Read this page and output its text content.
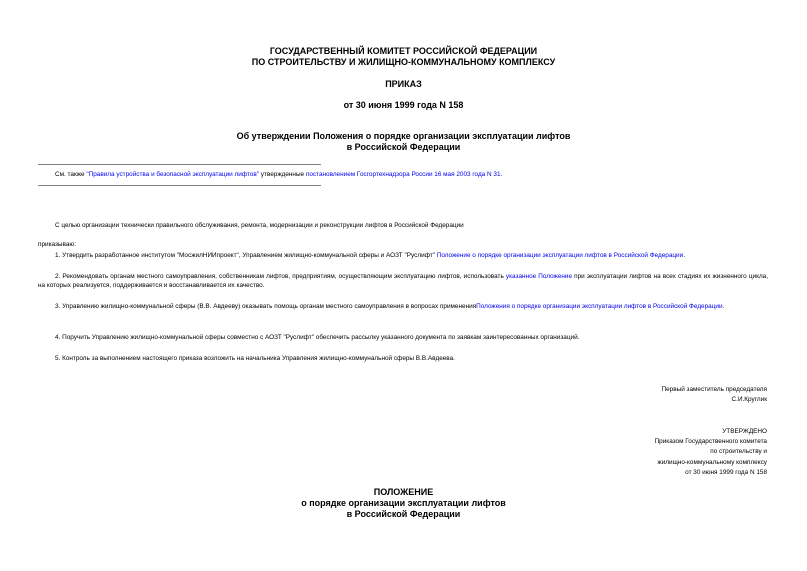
ГОСУДАРСТВЕННЫЙ КОМИТЕТ РОССИЙСКОЙ ФЕДЕРАЦИИ
ПО СТРОИТЕЛЬСТВУ И ЖИЛИЩНО-КОММУНАЛЬНОМУ КОМПЛЕКСУ
ПРИКАЗ
от 30 июня 1999 года N 158
Об утверждении Положения о порядке организации эксплуатации лифтов
в Российской Федерации
См. также "Правила устройства и безопасной эксплуатации лифтов" утвержденные постановлением Госгортехнадзора России 16 мая 2003 года N 31.
С целью организации технически правильного обслуживания, ремонта, модернизации и реконструкции лифтов в Российской Федерации
приказываю:
1. Утвердить разработанное институтом "МосжилНИИпроект", Управлением жилищно-коммунальной сферы и АОЗТ "Руслифт" Положение о порядке организации эксплуатации лифтов в Российской Федерации.
2. Рекомендовать органам местного самоуправления, собственникам лифтов, предприятиям, осуществляющим эксплуатацию лифтов, использовать указанное Положение при эксплуатации лифтов на всех стадиях их жизненного цикла, на которых реализуется, поддерживается и восстанавливается их качество.
3. Управлению жилищно-коммунальной сферы (В.В. Авдееву) оказывать помощь органам местного самоуправления в вопросах примененияПоложения о порядке организации эксплуатации лифтов в Российской Федерации.
4. Поручить Управлению жилищно-коммунальной сферы совместно с АОЗТ "Руслифт" обеспечить рассылку указанного документа по заявкам заинтересованных организаций.
5. Контроль за выполнением настоящего приказа возложить на начальника Управления жилищно-коммунальной сферы В.В.Авдеева.
Первый заместитель председателя
С.И.Круглик
УТВЕРЖДЕНО
Приказом Государственного комитета
по строительству и
жилищно-коммунальному комплексу
от 30 июня 1999 года N 158
ПОЛОЖЕНИЕ
о порядке организации эксплуатации лифтов
в Российской Федерации
